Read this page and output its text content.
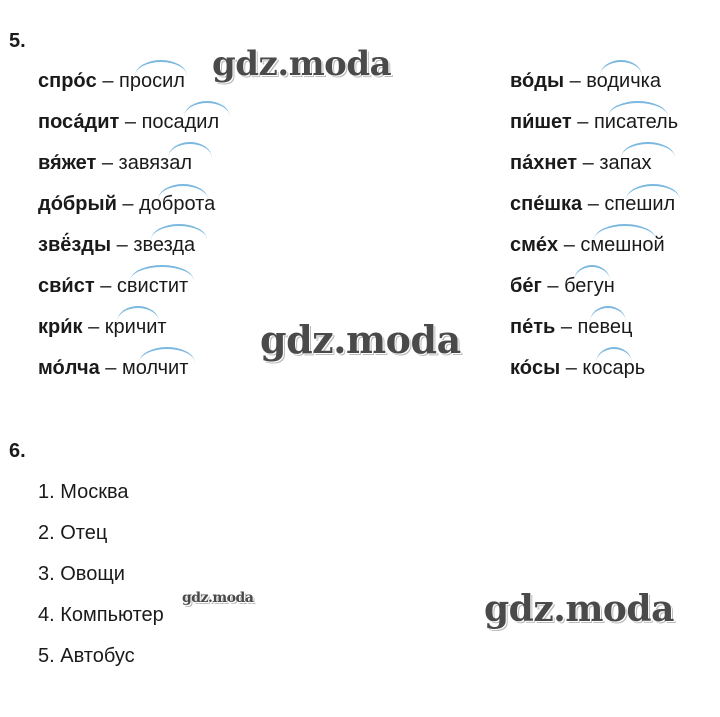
5.
спро́с – просил
поса́дит – посадил
вя́жет – завязал
до́брый – доброта
звё́зды – звезда
сви́ст – свистит
кри́к – кричит
мо́лча – молчит
во́ды – водичка
пи́шет – писатель
па́хнет – запах
спе́шка – спешил
сме́х – смешной
бе́г – бегун
пе́ть – певец
ко́сы – косарь
6.
1. Москва
2. Отец
3. Овощи
4. Компьютер
5. Автобус
gdz.moda
gdz.moda
gdz.moda	gdz.moda
